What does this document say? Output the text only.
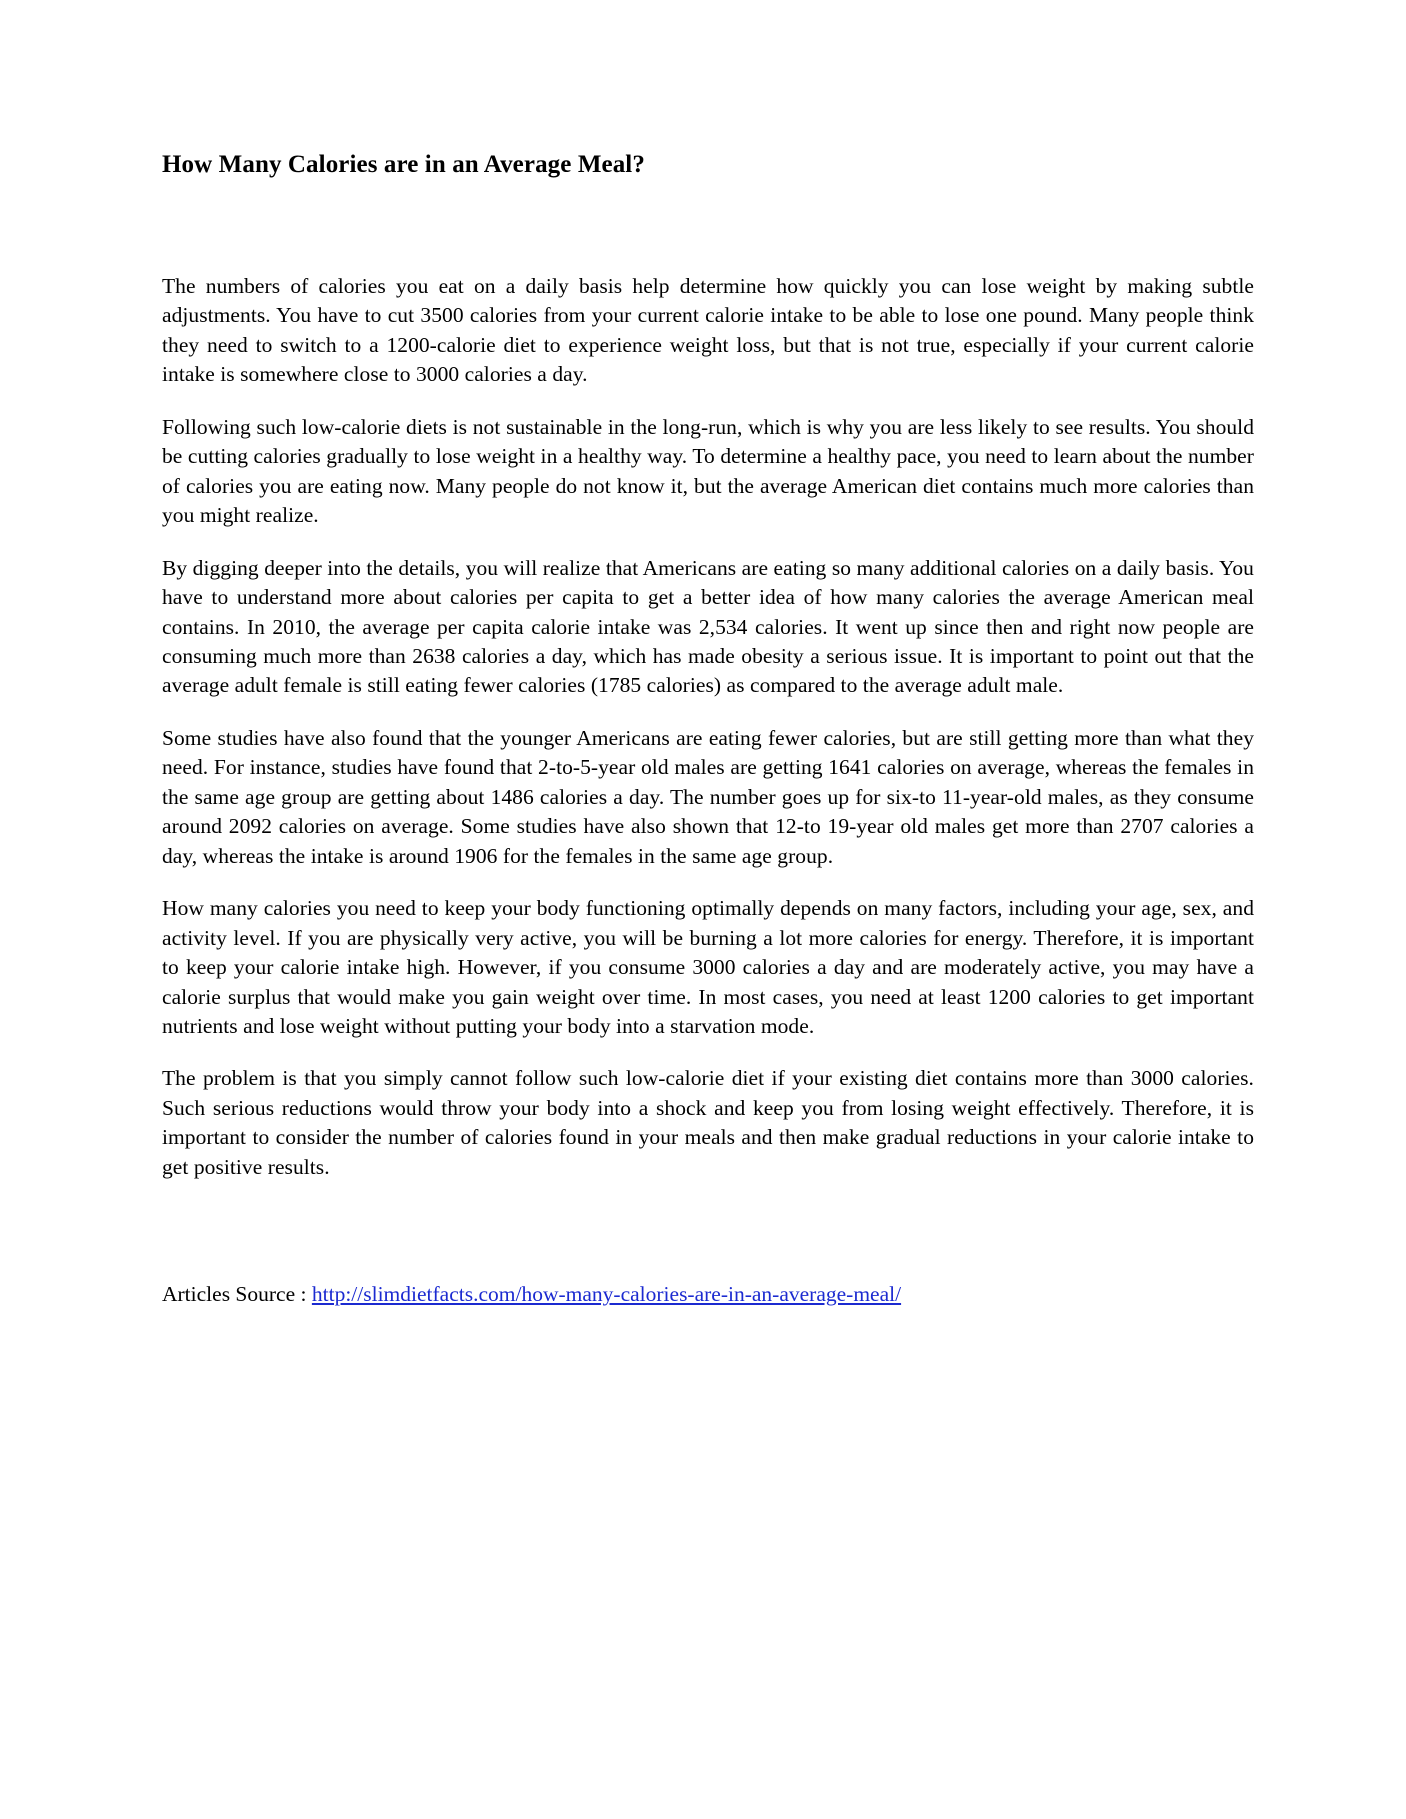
How Many Calories are in an Average Meal?

The numbers of calories you eat on a daily basis help determine how quickly you can lose weight by making subtle adjustments. You have to cut 3500 calories from your current calorie intake to be able to lose one pound. Many people think they need to switch to a 1200-calorie diet to experience weight loss, but that is not true, especially if your current calorie intake is somewhere close to 3000 calories a day.

Following such low-calorie diets is not sustainable in the long-run, which is why you are less likely to see results. You should be cutting calories gradually to lose weight in a healthy way. To determine a healthy pace, you need to learn about the number of calories you are eating now. Many people do not know it, but the average American diet contains much more calories than you might realize.

By digging deeper into the details, you will realize that Americans are eating so many additional calories on a daily basis. You have to understand more about calories per capita to get a better idea of how many calories the average American meal contains. In 2010, the average per capita calorie intake was 2,534 calories. It went up since then and right now people are consuming much more than 2638 calories a day, which has made obesity a serious issue. It is important to point out that the average adult female is still eating fewer calories (1785 calories) as compared to the average adult male.

Some studies have also found that the younger Americans are eating fewer calories, but are still getting more than what they need. For instance, studies have found that 2-to-5-year old males are getting 1641 calories on average, whereas the females in the same age group are getting about 1486 calories a day. The number goes up for six-to 11-year-old males, as they consume around 2092 calories on average. Some studies have also shown that 12-to 19-year old males get more than 2707 calories a day, whereas the intake is around 1906 for the females in the same age group.

How many calories you need to keep your body functioning optimally depends on many factors, including your age, sex, and activity level. If you are physically very active, you will be burning a lot more calories for energy. Therefore, it is important to keep your calorie intake high. However, if you consume 3000 calories a day and are moderately active, you may have a calorie surplus that would make you gain weight over time. In most cases, you need at least 1200 calories to get important nutrients and lose weight without putting your body into a starvation mode.

The problem is that you simply cannot follow such low-calorie diet if your existing diet contains more than 3000 calories. Such serious reductions would throw your body into a shock and keep you from losing weight effectively. Therefore, it is important to consider the number of calories found in your meals and then make gradual reductions in your calorie intake to get positive results.

Articles Source : http://slimdietfacts.com/how-many-calories-are-in-an-average-meal/
